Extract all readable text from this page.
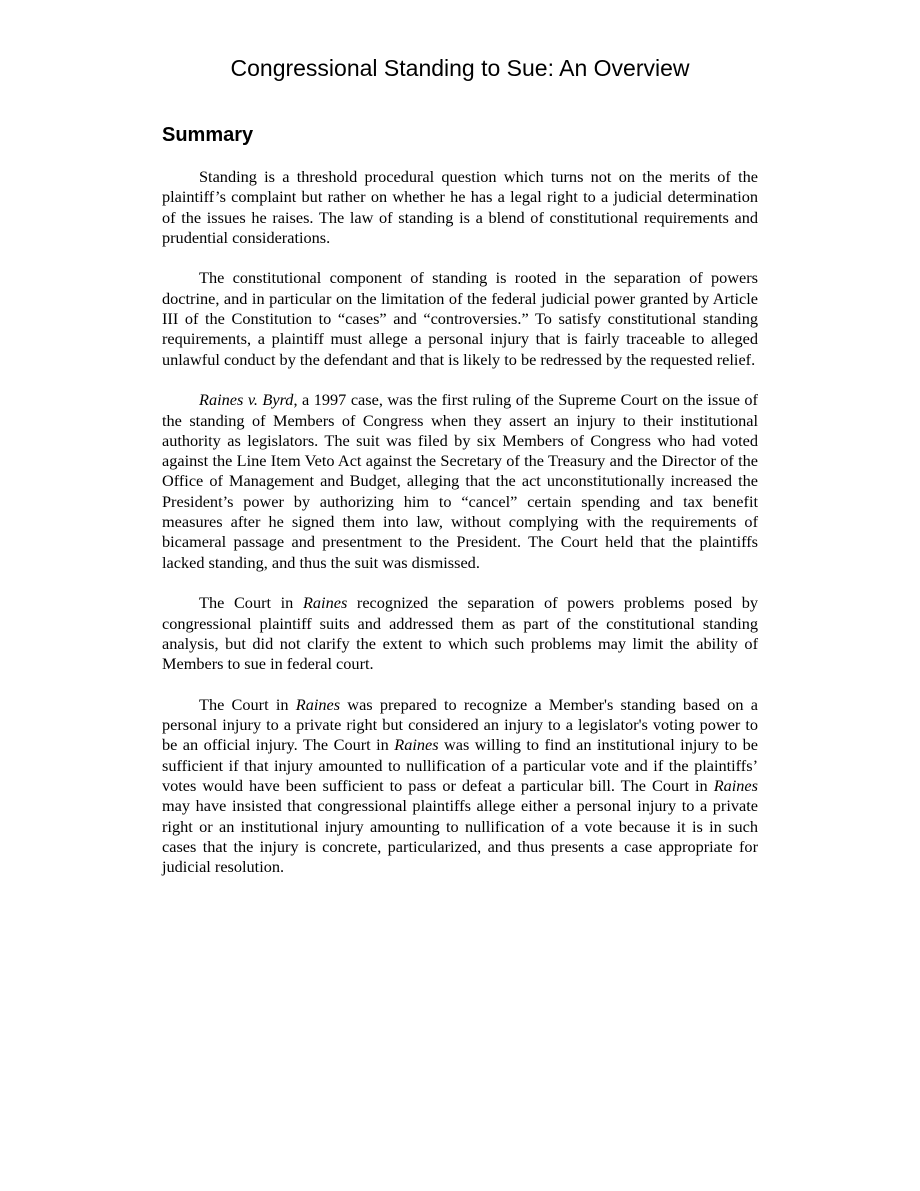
Congressional Standing to Sue: An Overview
Summary

Standing is a threshold procedural question which turns not on the merits of the plaintiff’s complaint but rather on whether he has a legal right to a judicial determination of the issues he raises. The law of standing is a blend of constitutional requirements and prudential considerations.

The constitutional component of standing is rooted in the separation of powers doctrine, and in particular on the limitation of the federal judicial power granted by Article III of the Constitution to “cases” and “controversies.” To satisfy constitutional standing requirements, a plaintiff must allege a personal injury that is fairly traceable to alleged unlawful conduct by the defendant and that is likely to be redressed by the requested relief.

Raines v. Byrd, a 1997 case, was the first ruling of the Supreme Court on the issue of the standing of Members of Congress when they assert an injury to their institutional authority as legislators. The suit was filed by six Members of Congress who had voted against the Line Item Veto Act against the Secretary of the Treasury and the Director of the Office of Management and Budget, alleging that the act unconstitutionally increased the President’s power by authorizing him to “cancel” certain spending and tax benefit measures after he signed them into law, without complying with the requirements of bicameral passage and presentment to the President. The Court held that the plaintiffs lacked standing, and thus the suit was dismissed.

The Court in Raines recognized the separation of powers problems posed by congressional plaintiff suits and addressed them as part of the constitutional standing analysis, but did not clarify the extent to which such problems may limit the ability of Members to sue in federal court.

The Court in Raines was prepared to recognize a Member's standing based on a personal injury to a private right but considered an injury to a legislator's voting power to be an official injury. The Court in Raines was willing to find an institutional injury to be sufficient if that injury amounted to nullification of a particular vote and if the plaintiffs’ votes would have been sufficient to pass or defeat a particular bill. The Court in Raines may have insisted that congressional plaintiffs allege either a personal injury to a private right or an institutional injury amounting to nullification of a vote because it is in such cases that the injury is concrete, particularized, and thus presents a case appropriate for judicial resolution.
